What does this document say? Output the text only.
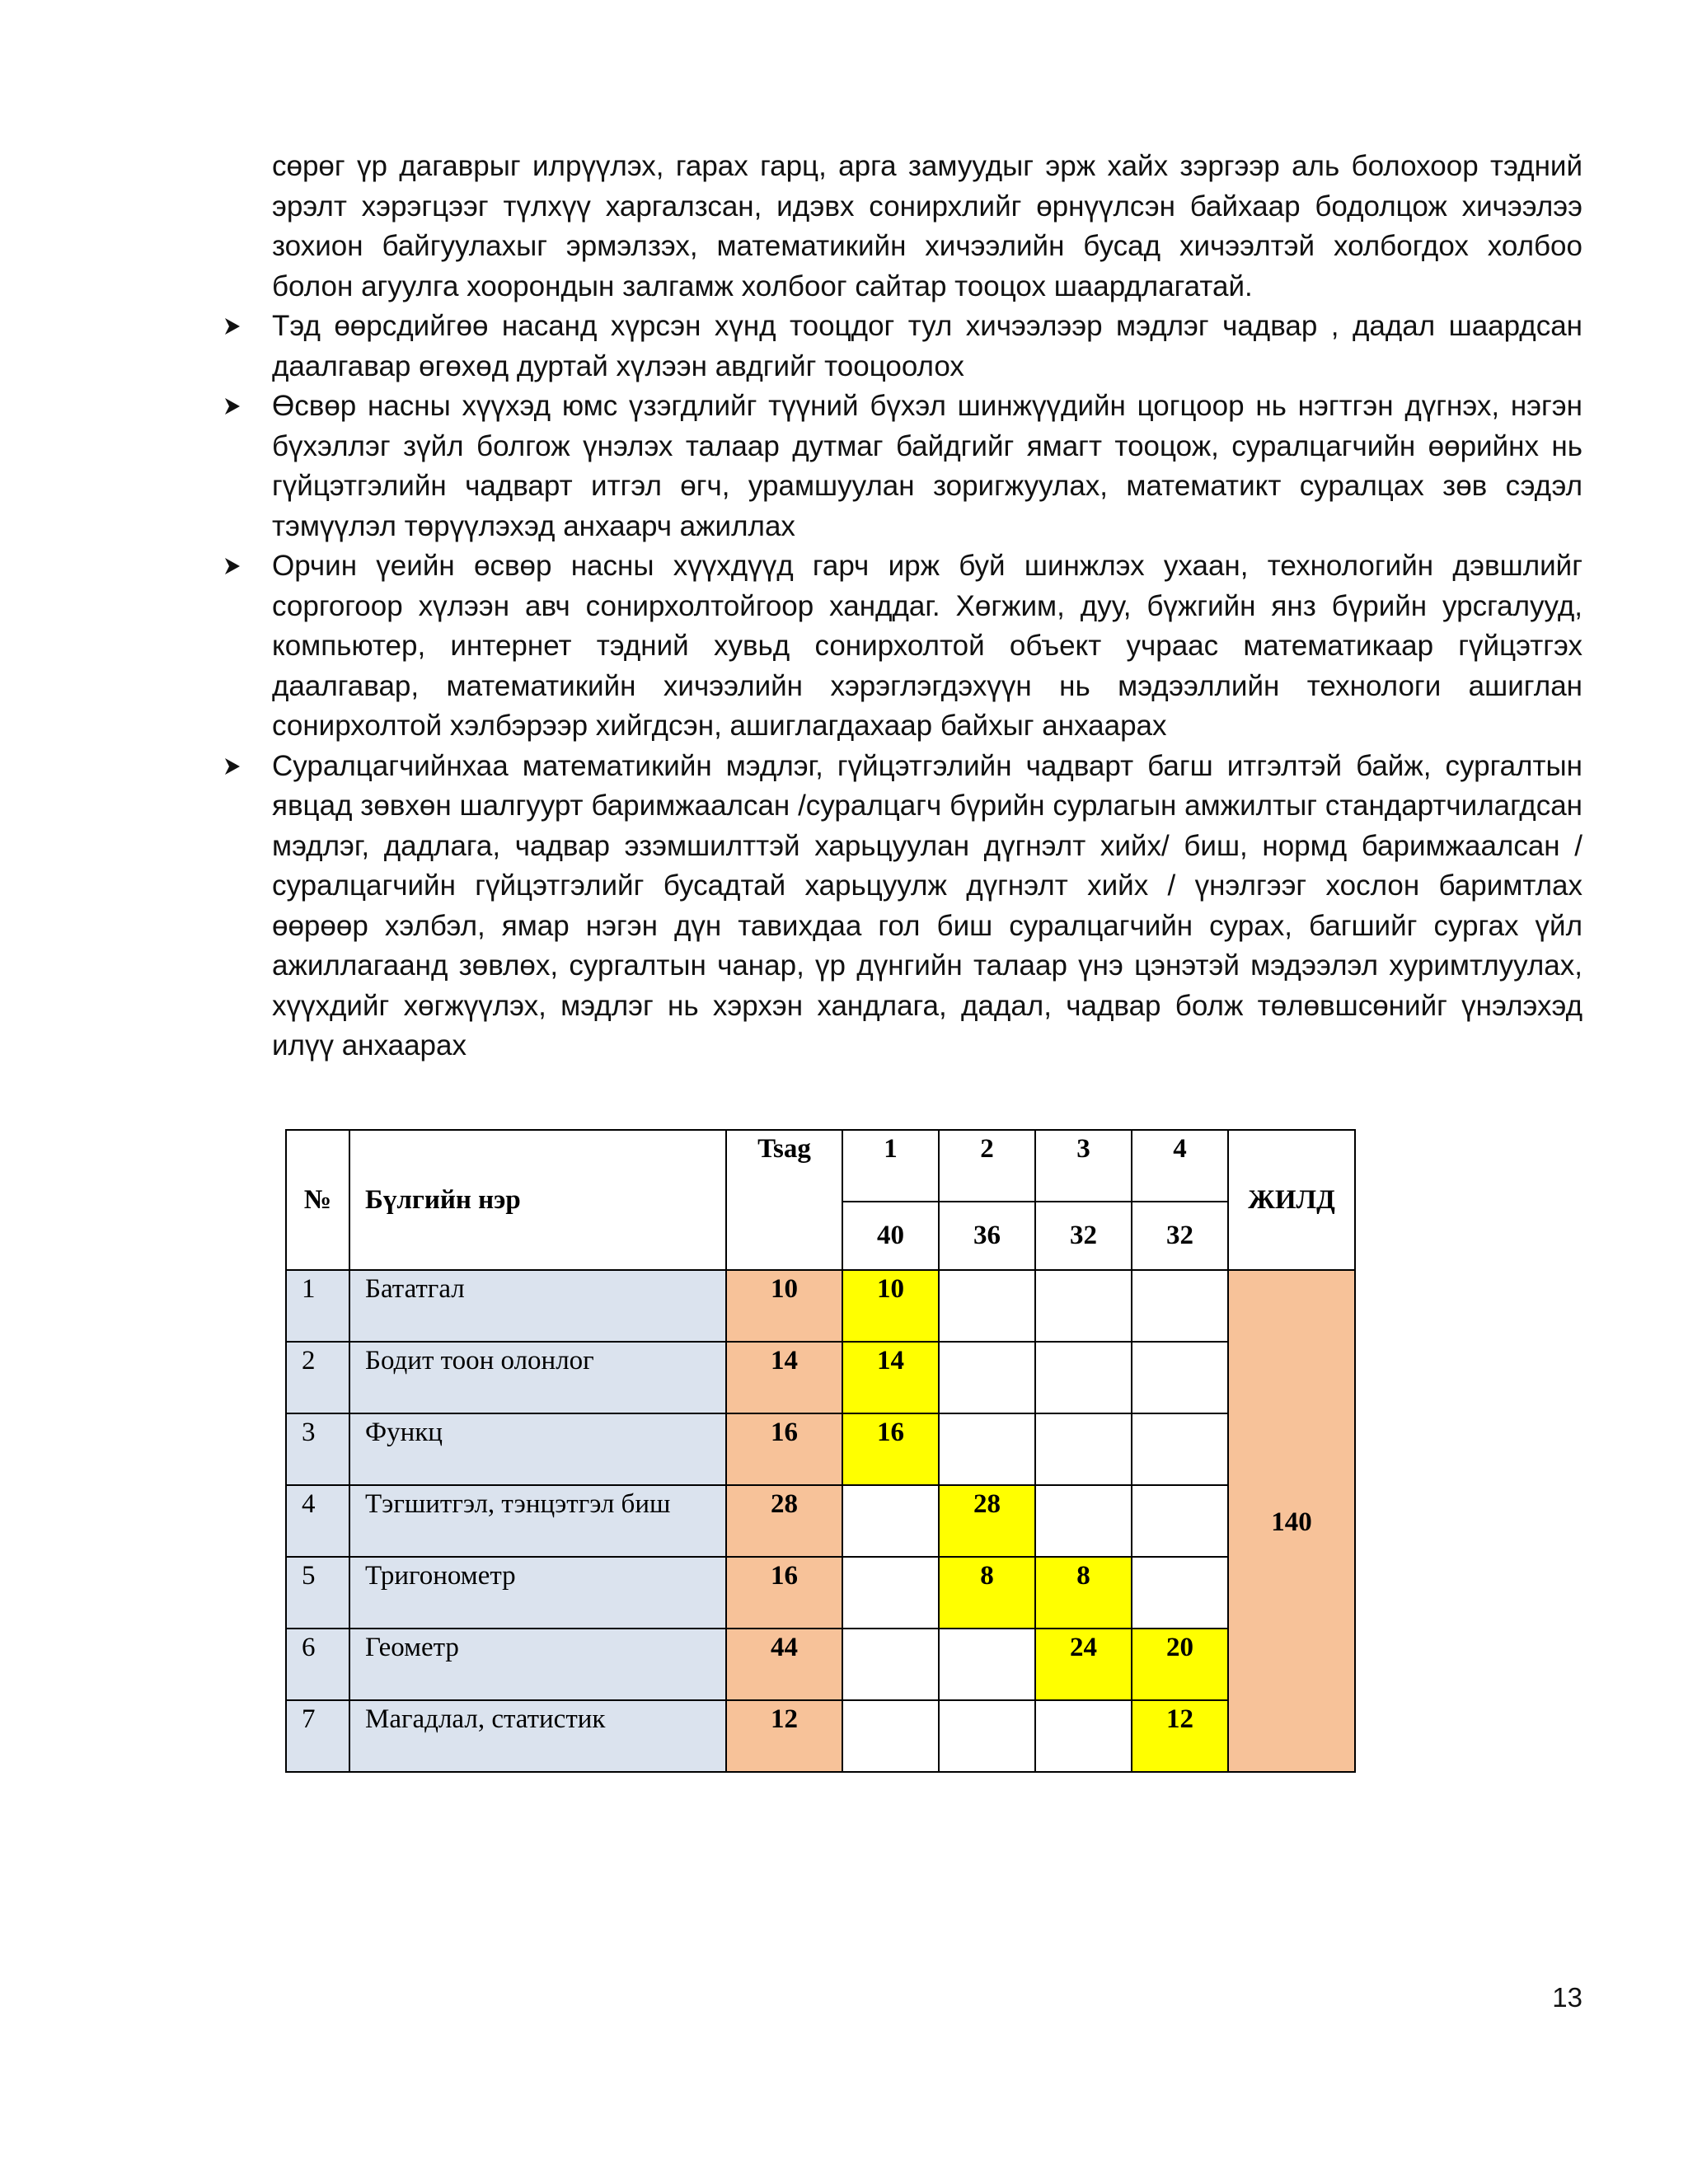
сөрөг үр дагаврыг илрүүлэх, гарах гарц, арга замуудыг эрж хайх зэргээр аль болохоор тэдний эрэлт хэрэгцээг түлхүү харгалзсан, идэвх сонирхлийг өрнүүлсэн байхаар бодолцож хичээлээ зохион байгуулахыг эрмэлзэх, математикийн хичээлийн бусад хичээлтэй холбогдох холбоо болон агуулга хоорондын залгамж холбоог сайтар тооцох шаардлагатай.

Тэд өөрсдийгөө насанд хүрсэн хүнд тооцдог тул хичээлээр мэдлэг чадвар , дадал шаардсан даалгавар өгөхөд дуртай хүлээн авдгийг тооцоолох
Өсвөр насны хүүхэд юмс үзэгдлийг түүний бүхэл шинжүүдийн цогцоор нь нэгтгэн дүгнэх, нэгэн бүхэллэг зүйл болгож үнэлэх талаар дутмаг байдгийг ямагт тооцож, суралцагчийн өөрийнх нь гүйцэтгэлийн чадварт итгэл өгч, урамшуулан зоригжуулах, математикт суралцах зөв сэдэл тэмүүлэл төрүүлэхэд анхаарч ажиллах
Орчин үеийн өсвөр насны хүүхдүүд гарч ирж буй шинжлэх ухаан, технологийн дэвшлийг соргогоор хүлээн авч сонирхолтойгоор ханддаг. Хөгжим, дуу, бүжгийн янз бүрийн урсгалууд, компьютер, интернет тэдний хувьд сонирхолтой объект учраас математикаар гүйцэтгэх даалгавар, математикийн хичээлийн хэрэглэгдэхүүн нь мэдээллийн технологи ашиглан сонирхолтой хэлбэрээр хийгдсэн, ашиглагдахаар байхыг анхаарах
Суралцагчийнхаа математикийн мэдлэг, гүйцэтгэлийн чадварт багш итгэлтэй байж, сургалтын явцад зөвхөн шалгуурт баримжаалсан /суралцагч бүрийн сурлагын амжилтыг стандартчилагдсан мэдлэг, дадлага, чадвар эзэмшилттэй харьцуулан дүгнэлт хийх/ биш, нормд баримжаалсан /суралцагчийн гүйцэтгэлийг бусадтай харьцуулж дүгнэлт хийх / үнэлгээг хослон баримтлах өөрөөр хэлбэл, ямар нэгэн дүн тавихдаа гол биш суралцагчийн сурах, багшийг сургах үйл ажиллагаанд зөвлөх, сургалтын чанар, үр дүнгийн талаар үнэ цэнэтэй мэдээлэл хуримтлуулах, хүүхдийг хөгжүүлэх, мэдлэг нь хэрхэн хандлага, дадал, чадвар болж төлөвшсөнийг үнэлэхэд илүү анхаарах
№	Бүлгийн нэр	Tsag	1	2	3	4	ЖИЛД
			40	36	32	32	
1	Бататгал	10	10				140
2	Бодит тоон олонлог	14	14				
3	Функц	16	16				
4	Тэгшитгэл, тэнцэтгэл биш	28		28			
5	Тригонометр	16		8	8		
6	Геометр	44			24	20	
7	Магадлал, статистик	12				12	
13
